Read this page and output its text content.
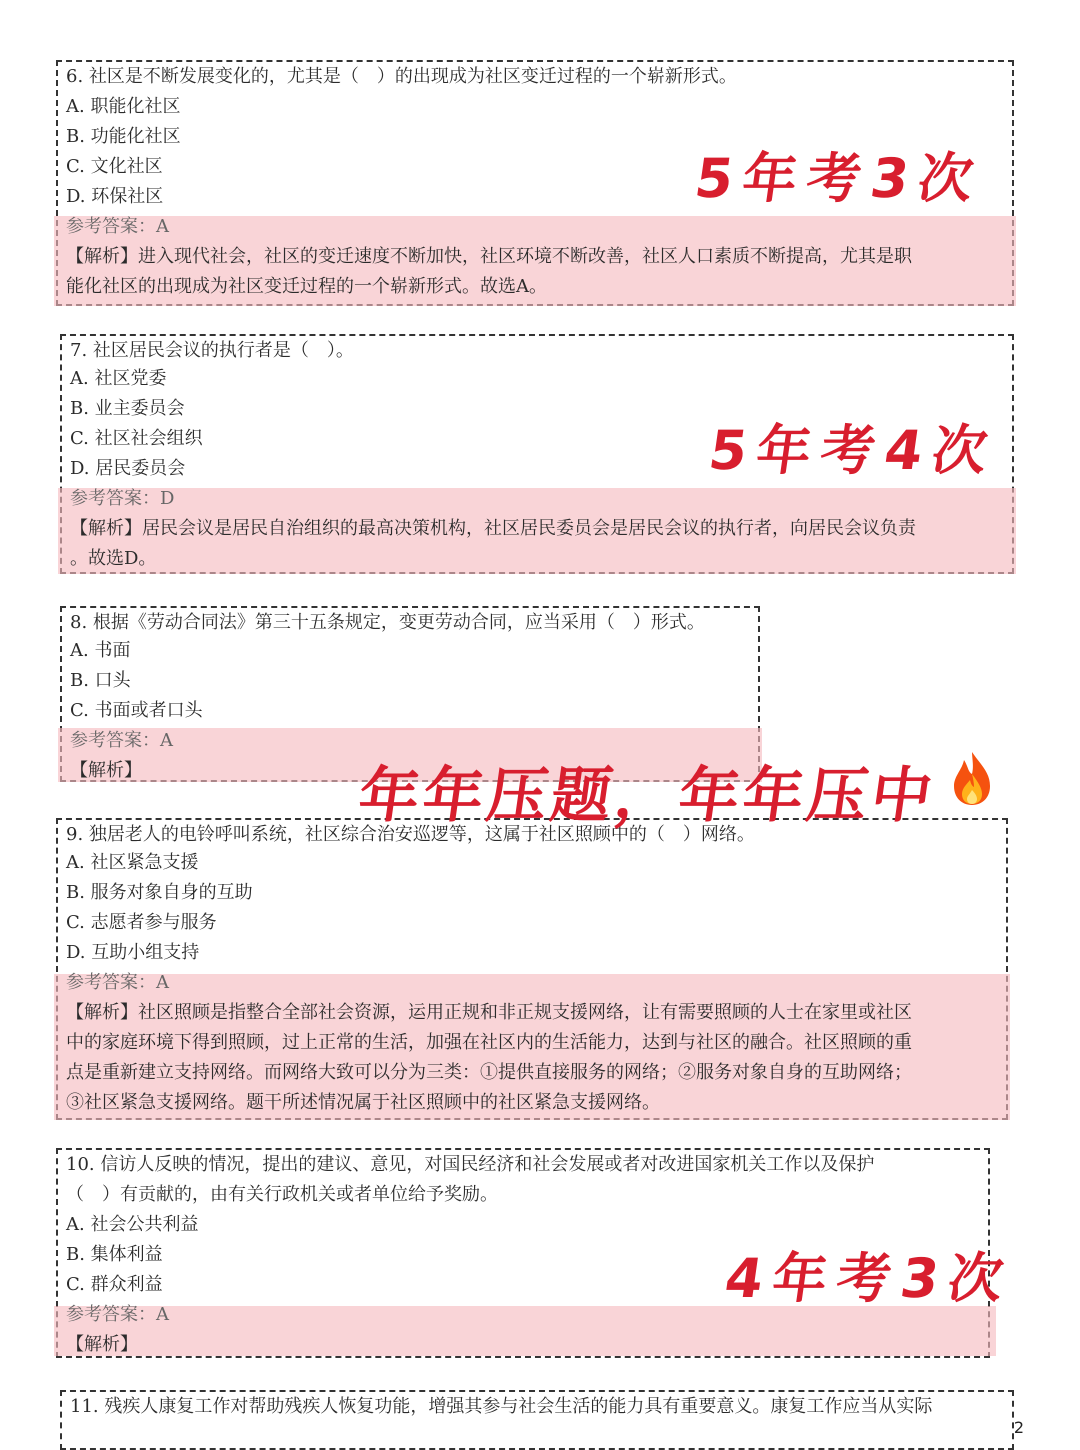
6. 社区是不断发展变化的，尤其是（　）的出现成为社区变迁过程的一个崭新形式。
A. 职能化社区
B. 功能化社区
C. 文化社区
D. 环保社区
参考答案：A
【解析】进入现代社会，社区的变迁速度不断加快，社区环境不断改善，社区人口素质不断提高，尤其是职
能化社区的出现成为社区变迁过程的一个崭新形式。故选A。
7. 社区居民会议的执行者是（　）。
A. 社区党委
B. 业主委员会
C. 社区社会组织
D. 居民委员会
参考答案：D
【解析】居民会议是居民自治组织的最高决策机构，社区居民委员会是居民会议的执行者，向居民会议负责
。故选D。
8. 根据《劳动合同法》第三十五条规定，变更劳动合同，应当采用（　）形式。
A. 书面
B. 口头
C. 书面或者口头
参考答案：A
【解析】
9. 独居老人的电铃呼叫系统，社区综合治安巡逻等，这属于社区照顾中的（　）网络。
A. 社区紧急支援
B. 服务对象自身的互助
C. 志愿者参与服务
D. 互助小组支持
参考答案：A
【解析】社区照顾是指整合全部社会资源，运用正规和非正规支援网络，让有需要照顾的人士在家里或社区
中的家庭环境下得到照顾，过上正常的生活，加强在社区内的生活能力，达到与社区的融合。社区照顾的重
点是重新建立支持网络。而网络大致可以分为三类：①提供直接服务的网络；②服务对象自身的互助网络；
③社区紧急支援网络。题干所述情况属于社区照顾中的社区紧急支援网络。
10. 信访人反映的情况，提出的建议、意见，对国民经济和社会发展或者对改进国家机关工作以及保护
（　）有贡献的，由有关行政机关或者单位给予奖励。
A. 社会公共利益
B. 集体利益
C. 群众利益
参考答案：A
【解析】
11. 残疾人康复工作对帮助残疾人恢复功能，增强其参与社会生活的能力具有重要意义。康复工作应当从实际
5年考3次
5年考4次
年年压题，年年压中
4年考3次
2
